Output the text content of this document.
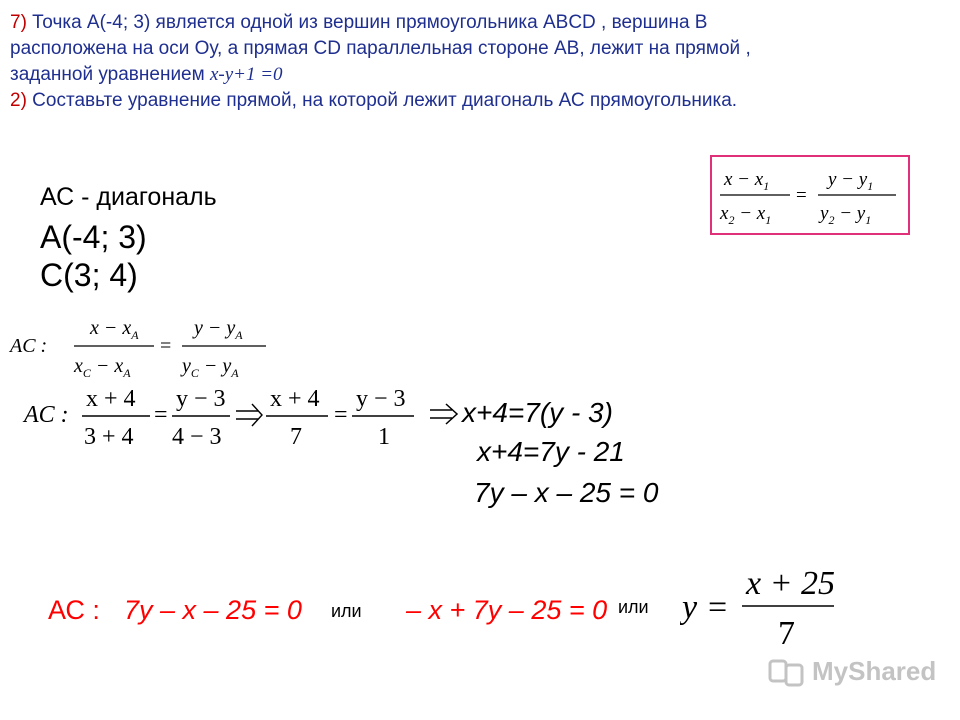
7) Точка А(-4; 3) является одной из вершин прямоугольника ABCD , вершина В
расположена на оси Оу, а прямая CD параллельная стороне АВ, лежит на прямой ,
заданной уравнением х-у+1 =0
2) Составьте уравнение прямой, на которой лежит диагональ АС прямоугольника.
АС - диагональ
А(-4; 3)
С(3; 4)
$x - x_1$
$x_2 - x_1$
=
$y - y_1$
$y_2 - y_1$
AC :
$x - x_A$
$x_C - x_A$
=
$y - y_A$
$y_C - y_A$
AC :
x + 4
3 + 4
=
y − 3
4 − 3
x + 4
7
=
y − 3
1
х+4=7(у - 3)
х+4=7у - 21
7у – х – 25 = 0
АС : 7у – х – 25 = 0 или – х + 7у – 25 = 0 или y =
x + 25
7
MyShared
